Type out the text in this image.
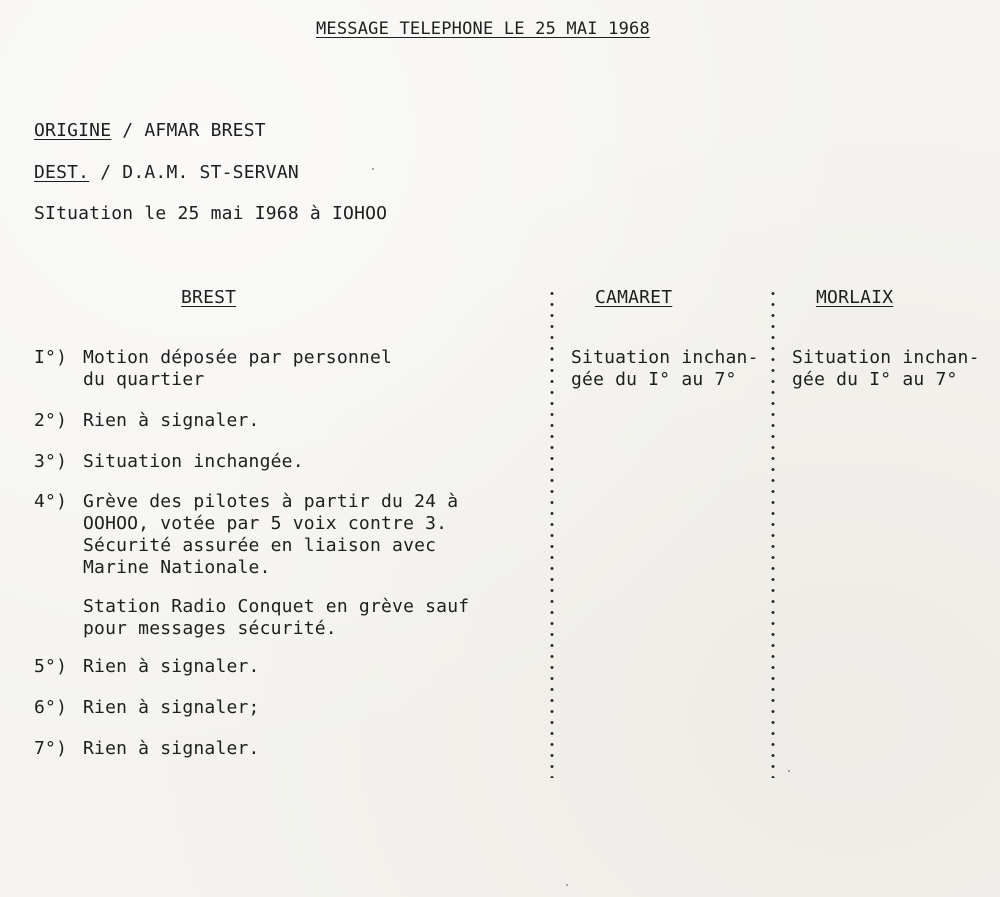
MESSAGE TELEPHONE LE 25 MAI 1968
ORIGINE / AFMAR BREST
DEST. / D.A.M. ST-SERVAN
SItuation le 25 mai I968 à IOHOO
BREST	CAMARET	MORLAIX
I°) Motion déposée par personnel
du quartier
2°) Rien à signaler.
3°) Situation inchangée.
4°) Grève des pilotes à partir du 24 à
OOHOO, votée par 5 voix contre 3.
Sécurité assurée en liaison avec
Marine Nationale.
Station Radio Conquet en grève sauf
pour messages sécurité.
5°) Rien à signaler.
6°) Rien à signaler;
7°) Rien à signaler.
Situation inchan-
gée du I° au 7°
Situation inchan-
gée du I° au 7°
